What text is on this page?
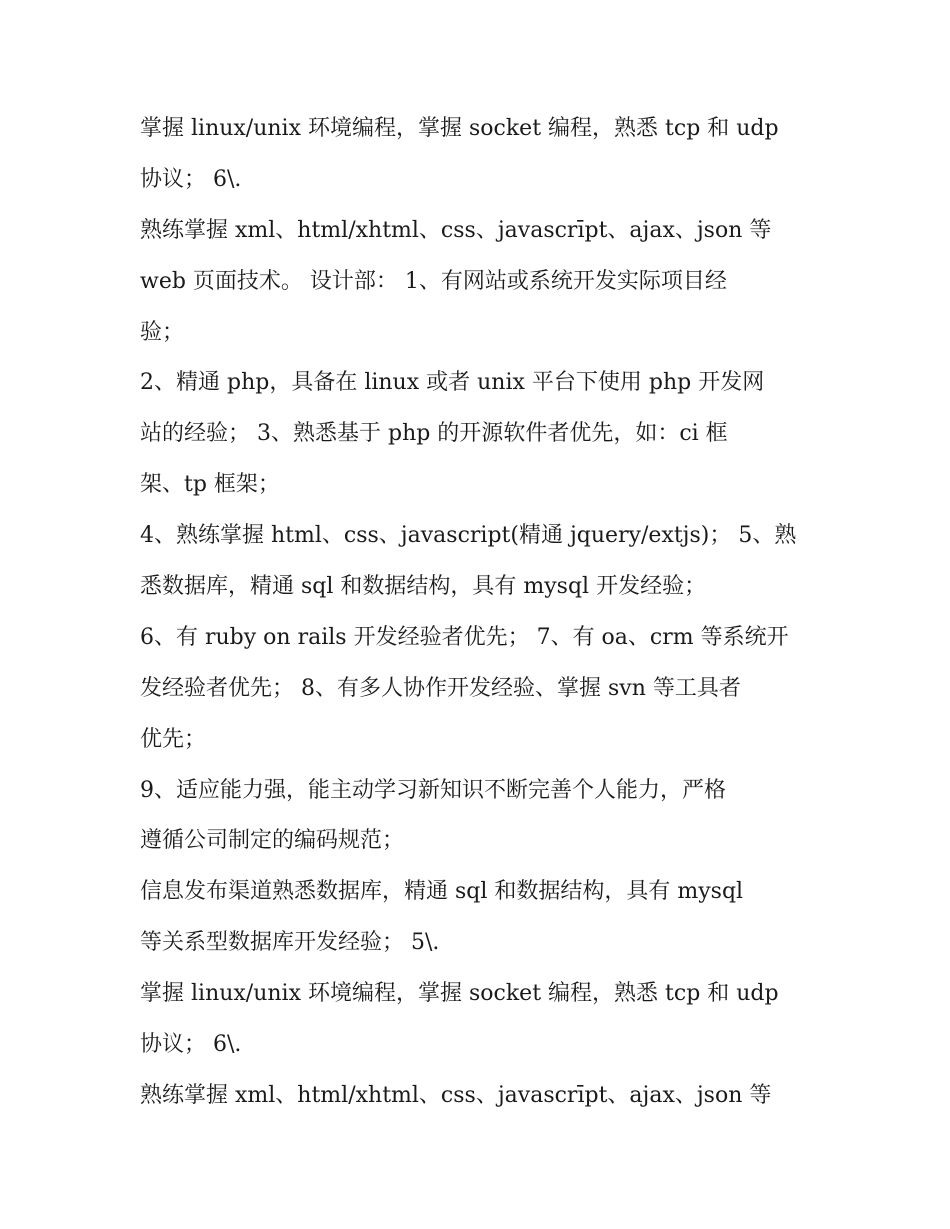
掌握 linux/unix 环境编程，掌握 socket 编程，熟悉 tcp 和 udp
协议； 6\.
熟练掌握 xml、html/xhtml、css、javascrīpt、ajax、json 等
web 页面技术。 设计部： 1、有网站或系统开发实际项目经
验；
2、精通 php，具备在 linux 或者 unix 平台下使用 php 开发网
站的经验； 3、熟悉基于 php 的开源软件者优先，如：ci 框
架、tp 框架；
4、熟练掌握 html、css、javascript(精通 jquery/extjs)； 5、熟
悉数据库，精通 sql 和数据结构，具有 mysql 开发经验；
6、有 ruby on rails 开发经验者优先； 7、有 oa、crm 等系统开
发经验者优先； 8、有多人协作开发经验、掌握 svn 等工具者
优先；
9、适应能力强，能主动学习新知识不断完善个人能力，严格
遵循公司制定的编码规范；
信息发布渠道熟悉数据库，精通 sql 和数据结构，具有 mysql
等关系型数据库开发经验； 5\.
掌握 linux/unix 环境编程，掌握 socket 编程，熟悉 tcp 和 udp
协议； 6\.
熟练掌握 xml、html/xhtml、css、javascrīpt、ajax、json 等
